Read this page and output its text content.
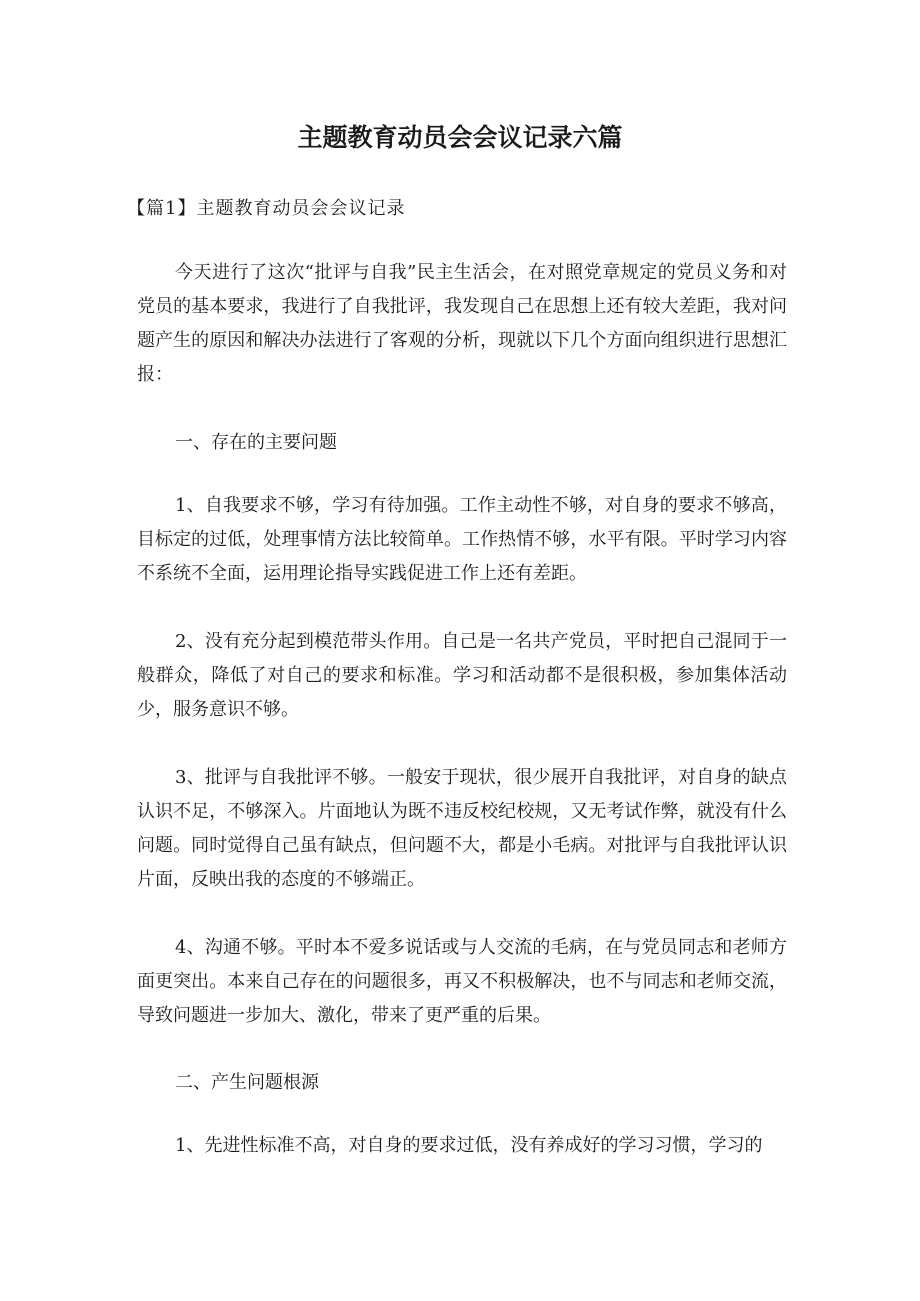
主题教育动员会会议记录六篇
【篇1】主题教育动员会会议记录

今天进行了这次“批评与自我”民主生活会，在对照党章规定的党员义务和对党员的基本要求，我进行了自我批评，我发现自己在思想上还有较大差距，我对问题产生的原因和解决办法进行了客观的分析，现就以下几个方面向组织进行思想汇报：

一、存在的主要问题

1、自我要求不够，学习有待加强。工作主动性不够，对自身的要求不够高，目标定的过低，处理事情方法比较简单。工作热情不够，水平有限。平时学习内容不系统不全面，运用理论指导实践促进工作上还有差距。

2、没有充分起到模范带头作用。自己是一名共产党员，平时把自己混同于一般群众，降低了对自己的要求和标准。学习和活动都不是很积极，参加集体活动少，服务意识不够。

3、批评与自我批评不够。一般安于现状，很少展开自我批评，对自身的缺点认识不足，不够深入。片面地认为既不违反校纪校规，又无考试作弊，就没有什么问题。同时觉得自己虽有缺点，但问题不大，都是小毛病。对批评与自我批评认识片面，反映出我的态度的不够端正。

4、沟通不够。平时本不爱多说话或与人交流的毛病，在与党员同志和老师方面更突出。本来自己存在的问题很多，再又不积极解决，也不与同志和老师交流，导致问题进一步加大、激化，带来了更严重的后果。

二、产生问题根源

1、先进性标准不高，对自身的要求过低，没有养成好的学习习惯，学习的
